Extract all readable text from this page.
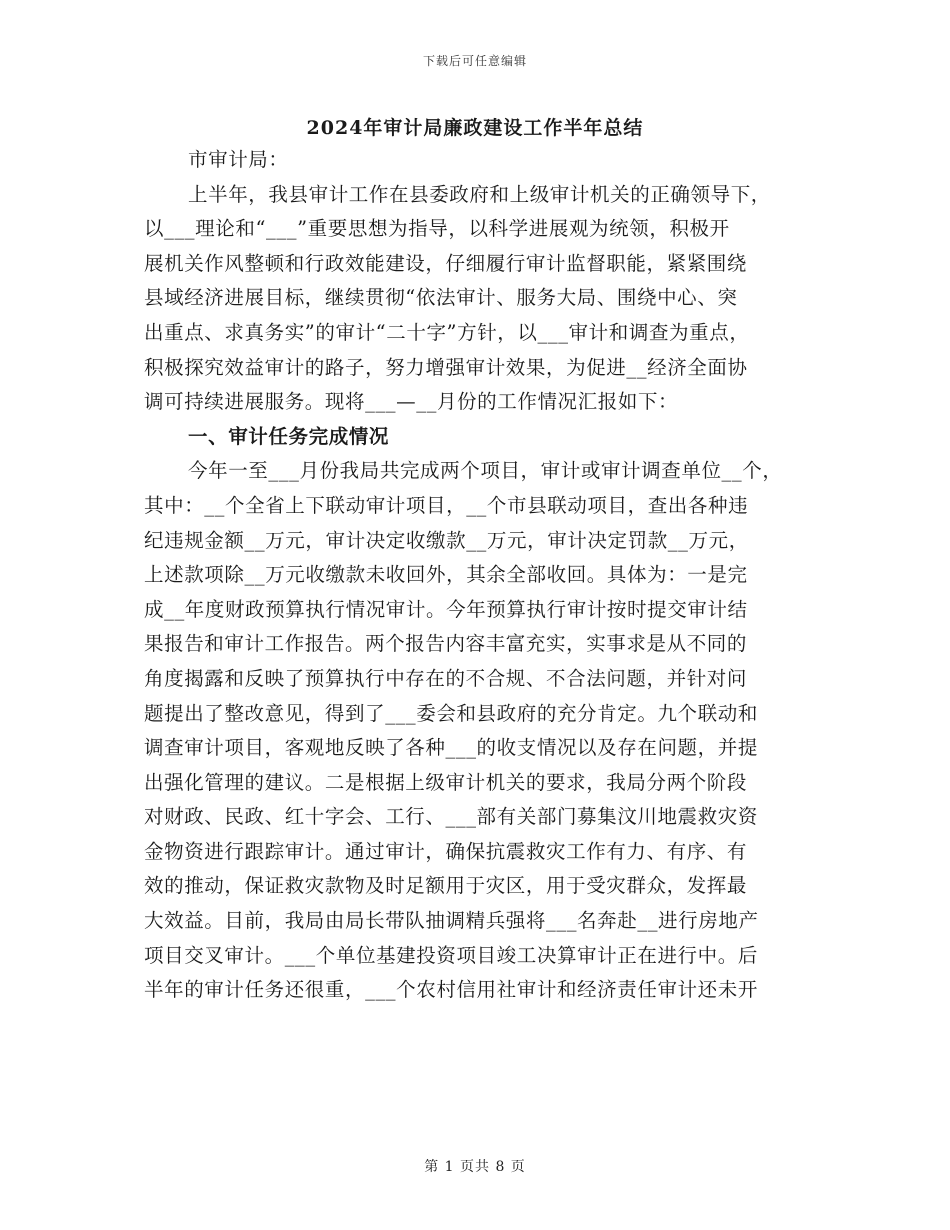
下载后可任意编辑
2024年审计局廉政建设工作半年总结
市审计局：
上半年，我县审计工作在县委政府和上级审计机关的正确领导下，
以___理论和“___”重要思想为指导，以科学进展观为统领，积极开
展机关作风整顿和行政效能建设，仔细履行审计监督职能，紧紧围绕
县域经济进展目标，继续贯彻“依法审计、服务大局、围绕中心、突
出重点、求真务实”的审计“二十字”方针，以___审计和调查为重点，
积极探究效益审计的路子，努力增强审计效果，为促进__经济全面协
调可持续进展服务。现将___—__月份的工作情况汇报如下：
一、审计任务完成情况
今年一至___月份我局共完成两个项目，审计或审计调查单位__个，
其中：__个全省上下联动审计项目，__个市县联动项目，查出各种违
纪违规金额__万元，审计决定收缴款__万元，审计决定罚款__万元，
上述款项除__万元收缴款未收回外，其余全部收回。具体为：一是完
成__年度财政预算执行情况审计。今年预算执行审计按时提交审计结
果报告和审计工作报告。两个报告内容丰富充实，实事求是从不同的
角度揭露和反映了预算执行中存在的不合规、不合法问题，并针对问
题提出了整改意见，得到了___委会和县政府的充分肯定。九个联动和
调查审计项目，客观地反映了各种___的收支情况以及存在问题，并提
出强化管理的建议。二是根据上级审计机关的要求，我局分两个阶段
对财政、民政、红十字会、工行、___部有关部门募集汶川地震救灾资
金物资进行跟踪审计。通过审计，确保抗震救灾工作有力、有序、有
效的推动，保证救灾款物及时足额用于灾区，用于受灾群众，发挥最
大效益。目前，我局由局长带队抽调精兵强将___名奔赴__进行房地产
项目交叉审计。___个单位基建投资项目竣工决算审计正在进行中。后
半年的审计任务还很重，___个农村信用社审计和经济责任审计还未开
第 1 页共 8 页
